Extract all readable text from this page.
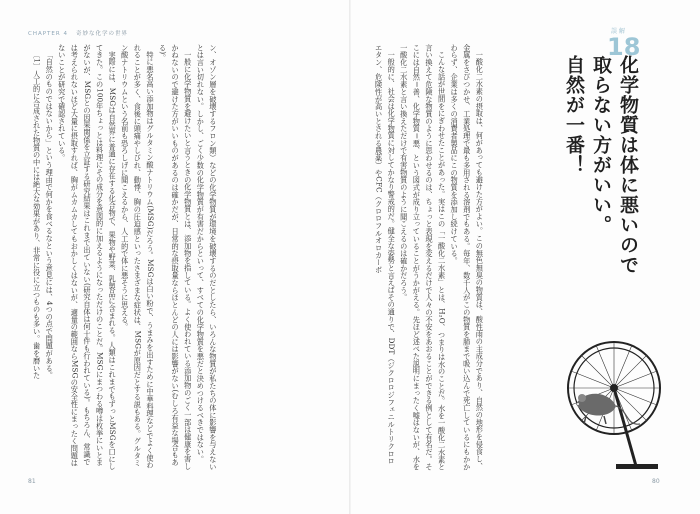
CHAPTER 4 奇妙な化学の世界

ン、オゾン層を破壊するフロン類）などの化学物質が環境を破壊するのだとしたら、いろんな物質が私たちの体に影響を与えないとは言い切れない。しかし、ごく少数の化学物質が有害だからといって、すべての化学物質を悪だと決めつけるべきではない。

一般に化学物質を避けたいと言うときの化学物質とは、添加物を指している。よく使われている添加物のごく一部は健康を害しかねないので避けた方がいいものがあるのは確かだが、日常的な摂取量ならほとんどの人には影響がない(むしろ有益な場合もある)。

特に悪名高い添加物はグルタミン酸ナトリウム(MSG)だろう。MSGは白い粉で、うまみを出すために中華料理などでよく使われることが多く、食後に頭痛やしびれ、動悸、胸の圧迫感といったさまざまな症状は、MSGが原因だとする説もある。グルタミン酸ナトリウムという名前も恐ろしげに聞こえるから、人工的で体に悪そうに思える。

実際には、MSGは自然界に普通に存在する化合物で、果物や野菜、乳製品に含まれる。人類はこれまでもずっとMSGを口にしてきた。この100年ちょっとは料理にその成分を意図的に加えるようになっただけのことだ。MSGにまつわる噂は枚挙にいとまがないが、MSGとの因果関係を立証する研究結果はこれまで出ていない(研究自体は何十件も行われている)。もちろん、常識では考えられないほど大量に摂取すれば、胸がムカムカしてもおかしくはないが、適量の範囲ならMSGの安全性にまったく問題はないことが研究で確認されている。

「自然のものではないから」という理由で何かを食べるなという意見には、4つの点で問題がある。

〔1〕人工的に合成された物質の中には絶大な効果があり、非常に役に立つものも多い。歯を磨いた	一酸化二水素の摂取は、何があっても避けた方がよい。この無色無臭の物質は、酸性雨の主成分であり、自然の地形を侵食し、金属をさびつかせ、工業処理で最も多用される溶剤でもある。毎年、数千人がこの物質を肺まで吸い込んで死亡しているにもかかわらず、企業は多くの消費者製品にこの物質を添加し続けている。

こんな話が世間をにぎわせたことがあった。実はこの「一酸化二水素」とは、H₂O、つまりは水のことだ。水を一酸化二水素と言い換えて危険な物質のように思わせるのは、ちょっと表現を変えるだけで人々の不安をあおることができる例として有名だ。そこには自然＝善、化学物質＝悪、という図式が成り立っていることがうかがえる。先ほど述べた説明にまったく嘘はないが、水を一酸化二水素と言い換えただけで有害物質のように聞こえるのは確かだろう。

一般的に、社会は化学物質に対してかなり警戒的だ。健全な姿勢と言えばその通りで、DDT（ジクロロジフェニルトリクロロエタン、危険性が高いとされる農薬）やCFC（クロロフルオロカーボ

誤解
18
化学物質は体に悪いので
取らない方がいい。
自然が一番！
81	80
